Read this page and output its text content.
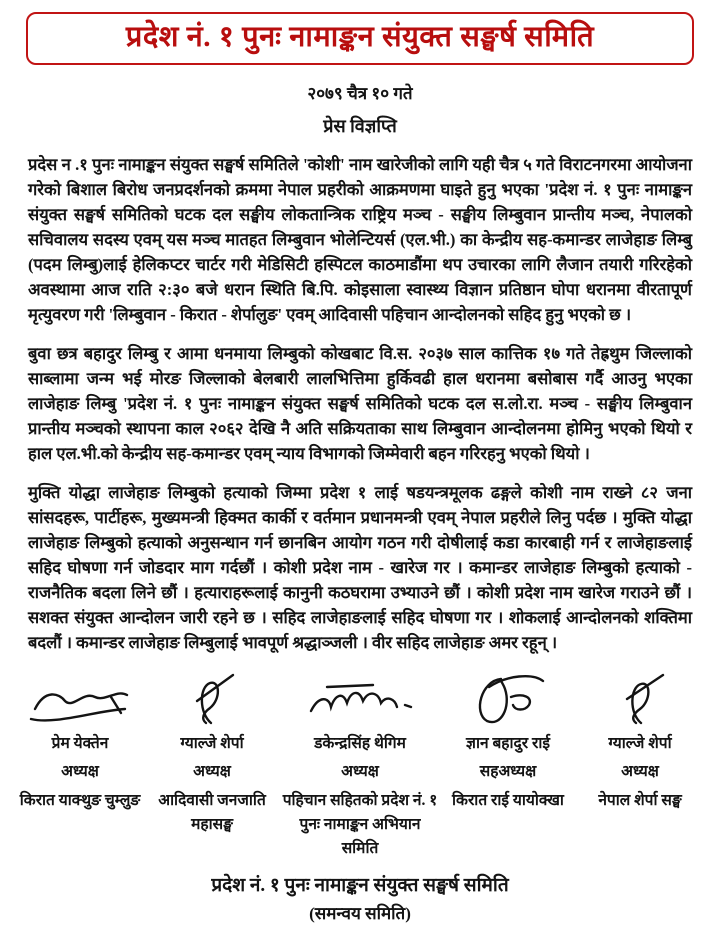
प्रदेश नं. १ पुनः नामाङ्कन संयुक्त सङ्घर्ष समिति
२०७९ चैत्र १० गते
प्रेस विज्ञप्ति

प्रदेस न .१ पुनः नामाङ्कन संयुक्त सङ्घर्ष समितिले 'कोशी' नाम खारेजीको लागि यही चैत्र ५ गते विराटनगरमा आयोजना गरेको बिशाल बिरोध जनप्रदर्शनको क्रममा नेपाल प्रहरीको आक्रमणमा घाइते हुनु भएका 'प्रदेश नं. १ पुनः नामाङ्कन संयुक्त सङ्घर्ष समितिको घटक दल सङ्घीय लोकतान्त्रिक राष्ट्रिय मञ्च - सङ्घीय लिम्बुवान प्रान्तीय मञ्च, नेपालको सचिवालय सदस्य एवम् यस मञ्च मातहत लिम्बुवान भोलेन्टियर्स (एल.भी.) का केन्द्रीय सह-कमान्डर लाजेहाङ लिम्बु (पदम लिम्बु)लाई हेलिकप्टर चार्टर गरी मेडिसिटी हस्पिटल काठमाडौंमा थप उचारका लागि लैजान तयारी गरिरहेको अवस्थामा आज राति २:३० बजे धरान स्थिति बि.पि. कोइसाला स्वास्थ्य विज्ञान प्रतिष्ठान घोपा धरानमा वीरतापूर्ण मृत्युवरण गरी 'लिम्बुवान - किरात - शेर्पालुङ' एवम् आदिवासी पहिचान आन्दोलनको सहिद हुनु भएको छ ।

बुवा छत्र बहादुर लिम्बु र आमा धनमाया लिम्बुको कोखबाट वि.स. २०३७ साल कात्तिक १७ गते तेह्रथुम जिल्लाको साब्लामा जन्म भई मोरङ जिल्लाको बेलबारी लालभित्तिमा हुर्किवढी हाल धरानमा बसोबास गर्दै आउनु भएका लाजेहाङ लिम्बु 'प्रदेश नं. १ पुनः नामाङ्कन संयुक्त सङ्घर्ष समितिको घटक दल स.लो.रा. मञ्च - सङ्घीय लिम्बुवान प्रान्तीय मञ्चको स्थापना काल २०६२ देखि नै अति सक्रियताका साथ लिम्बुवान आन्दोलनमा होमिनु भएको थियो र हाल एल.भी.को केन्द्रीय सह-कमान्डर एवम् न्याय विभागको जिम्मेवारी बहन गरिरहनु भएको थियो ।

मुक्ति योद्धा लाजेहाङ लिम्बुको हत्याको जिम्मा प्रदेश १ लाई षडयन्त्रमूलक ढङ्गले कोशी नाम राख्ने ८२ जना सांसदहरू, पार्टीहरू, मुख्यमन्त्री हिक्मत कार्की र वर्तमान प्रधानमन्त्री एवम् नेपाल प्रहरीले लिनु पर्दछ । मुक्ति योद्धा लाजेहाङ लिम्बुको हत्याको अनुसन्धान गर्न छानबिन आयोग गठन गरी दोषीलाई कडा कारबाही गर्न र लाजेहाङलाई सहिद घोषणा गर्न जोडदार माग गर्दछौं । कोशी प्रदेश नाम - खारेज गर । कमान्डर लाजेहाङ लिम्बुको हत्याको - राजनैतिक बदला लिने छौं । हत्याराहरूलाई कानुनी कठघरामा उभ्याउने छौं । कोशी प्रदेश नाम खारेज गराउने छौं । सशक्त संयुक्त आन्दोलन जारी रहने छ । सहिद लाजेहाङलाई सहिद घोषणा गर । शोकलाई आन्दोलनको शक्तिमा बदलौं । कमान्डर लाजेहाङ लिम्बुलाई भावपूर्ण श्रद्धाञ्जली । वीर सहिद लाजेहाङ अमर रहून् ।

प्रेम येक्तेन
अध्यक्ष
किरात याक्थुङ चुम्लुङ
ग्याल्जे शेर्पा
अध्यक्ष
आदिवासी जनजाति महासङ्घ
डकेन्द्रसिंह थेगिम
अध्यक्ष
पहिचान सहितको प्रदेश नं. १ पुनः नामाङ्कन अभियान समिति
ज्ञान बहादुर राई
सहअध्यक्ष
किरात राई यायोक्खा
ग्याल्जे शेर्पा
अध्यक्ष
नेपाल शेर्पा सङ्घ
प्रदेश नं. १ पुनः नामाङ्कन संयुक्त सङ्घर्ष समिति
(समन्वय समिति)
